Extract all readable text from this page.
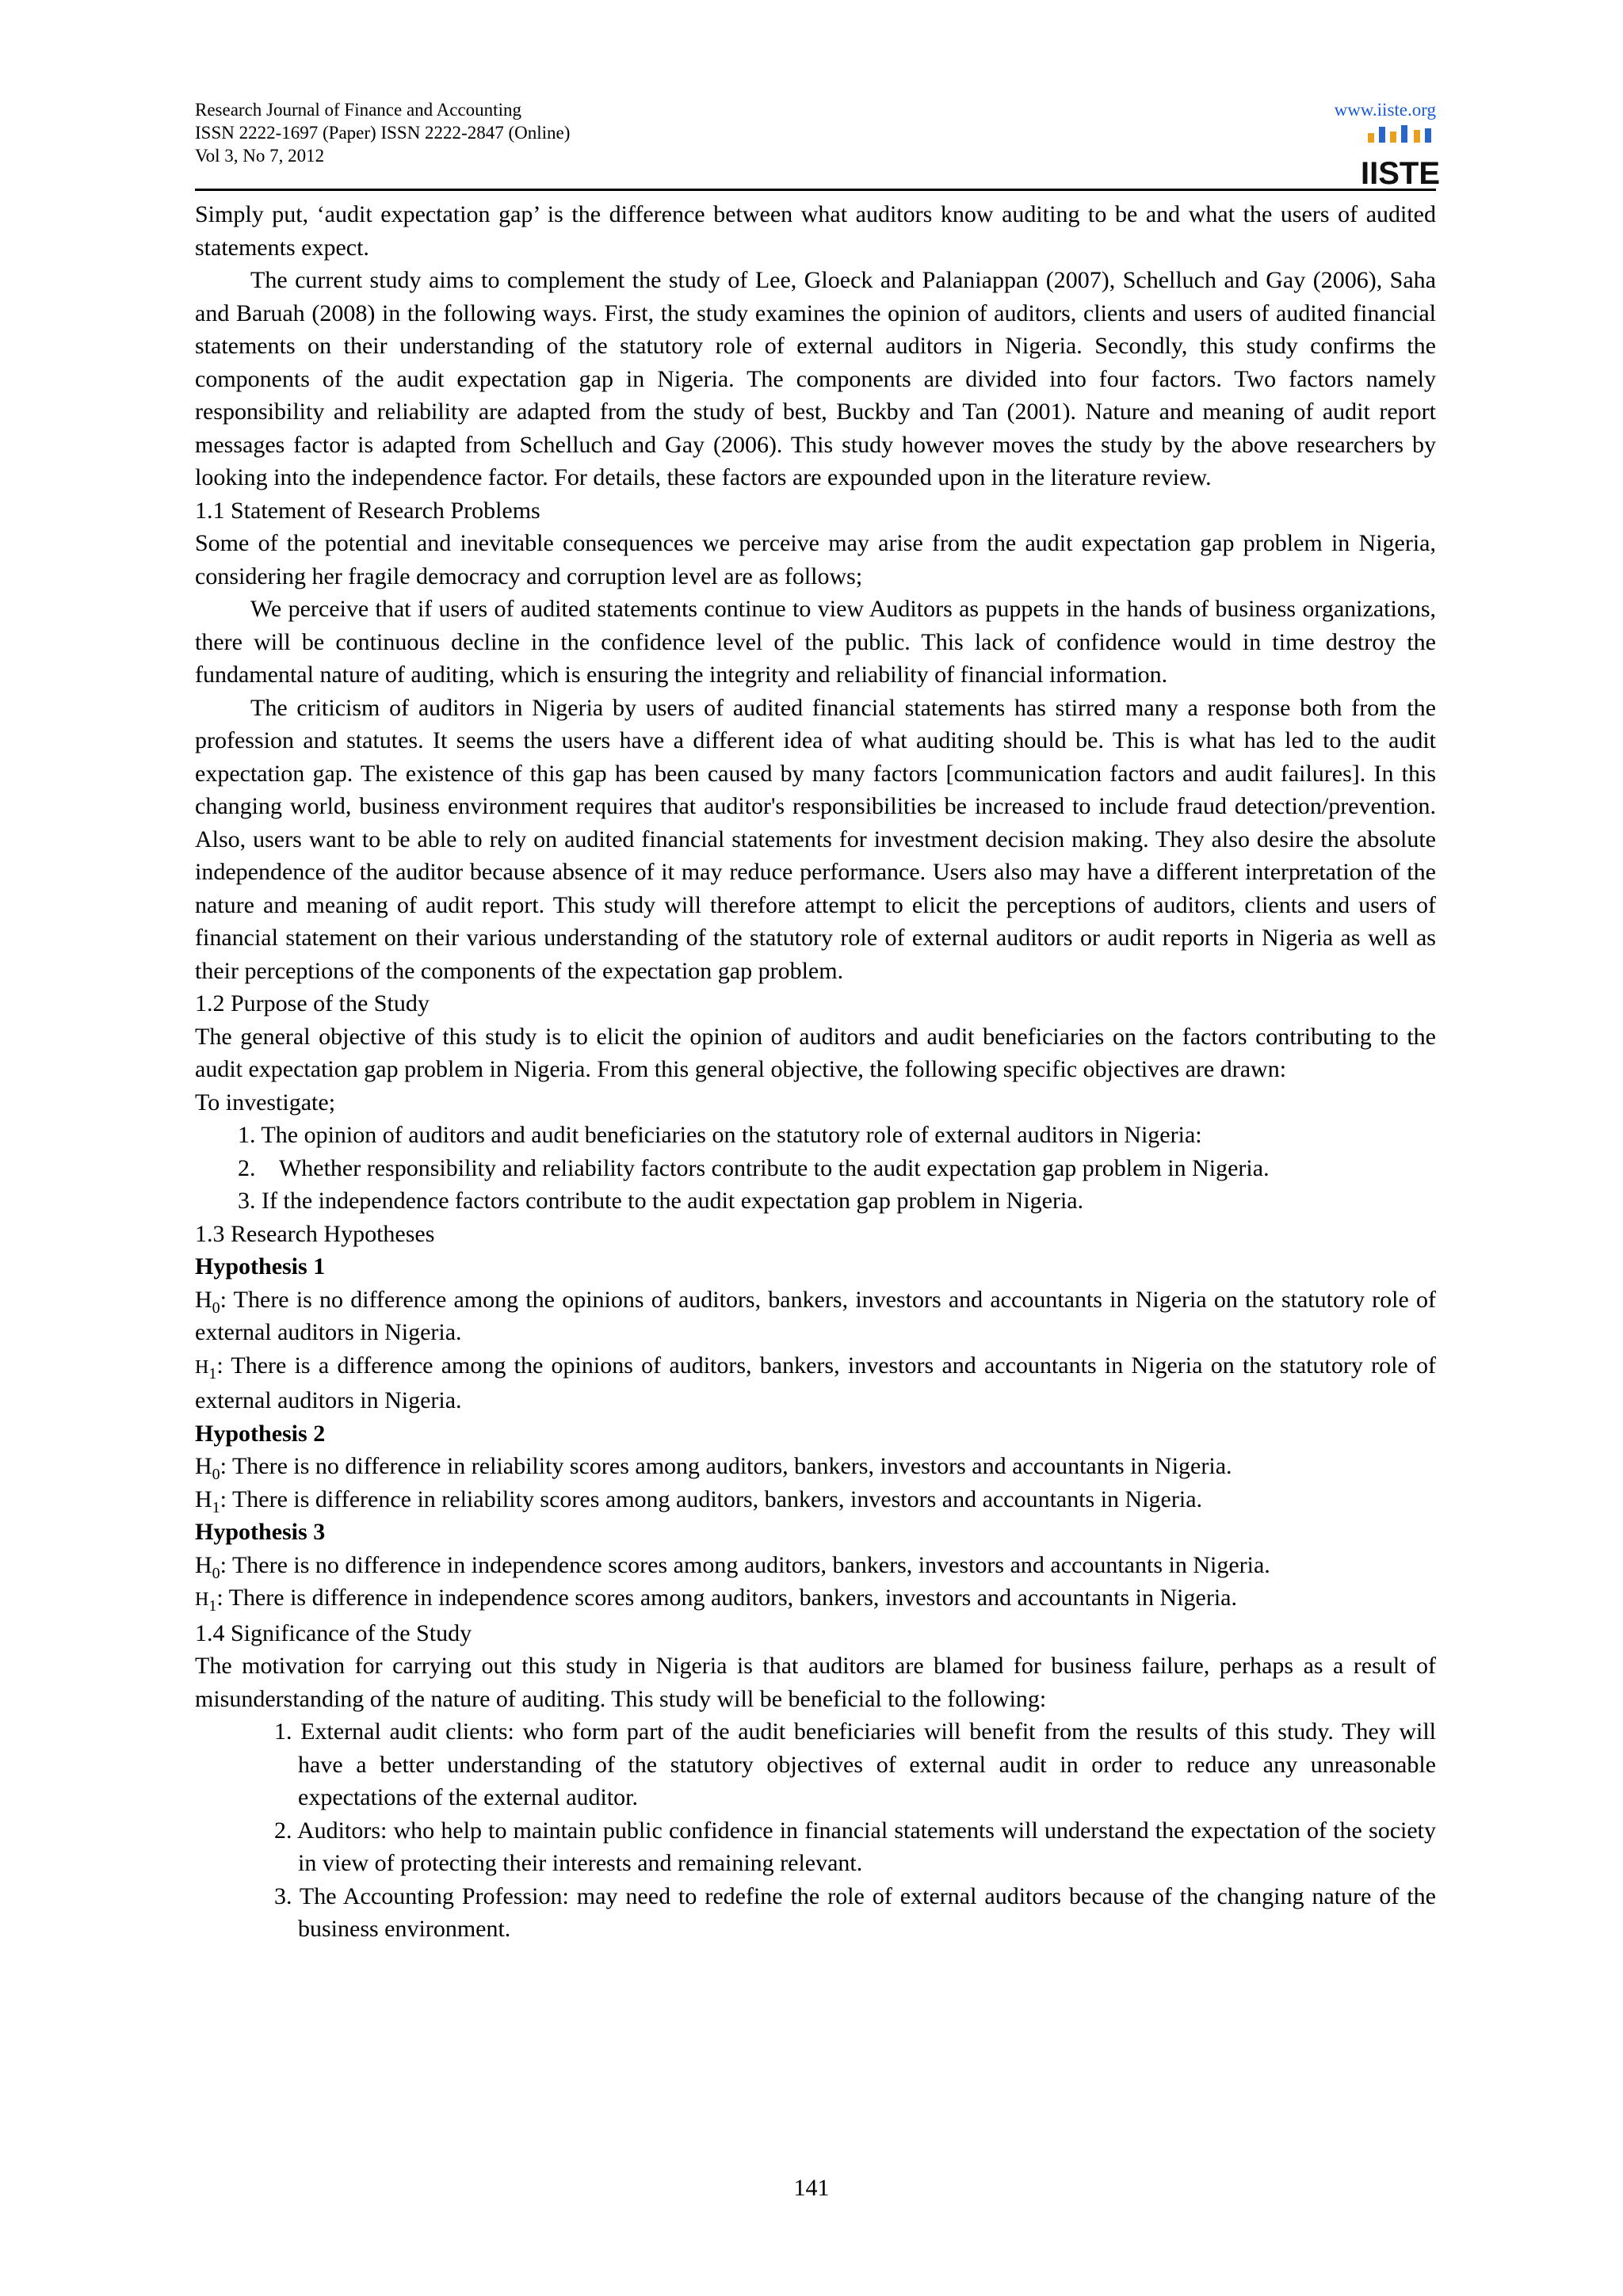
Research Journal of Finance and Accounting
ISSN 2222-1697 (Paper) ISSN 2222-2847 (Online)
Vol 3, No 7, 2012
www.iiste.org
IISTE

Simply put, ‘audit expectation gap’ is the difference between what auditors know auditing to be and what the users of audited statements expect.

The current study aims to complement the study of Lee, Gloeck and Palaniappan (2007), Schelluch and Gay (2006), Saha and Baruah (2008) in the following ways. First, the study examines the opinion of auditors, clients and users of audited financial statements on their understanding of the statutory role of external auditors in Nigeria. Secondly, this study confirms the components of the audit expectation gap in Nigeria. The components are divided into four factors. Two factors namely responsibility and reliability are adapted from the study of best, Buckby and Tan (2001). Nature and meaning of audit report messages factor is adapted from Schelluch and Gay (2006). This study however moves the study by the above researchers by looking into the independence factor. For details, these factors are expounded upon in the literature review.

1.1 Statement of Research Problems

Some of the potential and inevitable consequences we perceive may arise from the audit expectation gap problem in Nigeria, considering her fragile democracy and corruption level are as follows;

We perceive that if users of audited statements continue to view Auditors as puppets in the hands of business organizations, there will be continuous decline in the confidence level of the public. This lack of confidence would in time destroy the fundamental nature of auditing, which is ensuring the integrity and reliability of financial information.

The criticism of auditors in Nigeria by users of audited financial statements has stirred many a response both from the profession and statutes. It seems the users have a different idea of what auditing should be. This is what has led to the audit expectation gap. The existence of this gap has been caused by many factors [communication factors and audit failures]. In this changing world, business environment requires that auditor's responsibilities be increased to include fraud detection/prevention. Also, users want to be able to rely on audited financial statements for investment decision making. They also desire the absolute independence of the auditor because absence of it may reduce performance. Users also may have a different interpretation of the nature and meaning of audit report. This study will therefore attempt to elicit the perceptions of auditors, clients and users of financial statement on their various understanding of the statutory role of external auditors or audit reports in Nigeria as well as their perceptions of the components of the expectation gap problem.

1.2 Purpose of the Study

The general objective of this study is to elicit the opinion of auditors and audit beneficiaries on the factors contributing to the audit expectation gap problem in Nigeria. From this general objective, the following specific objectives are drawn:

To investigate;
1. The opinion of auditors and audit beneficiaries on the statutory role of external auditors in Nigeria:
2.    Whether responsibility and reliability factors contribute to the audit expectation gap problem in Nigeria.
3. If the independence factors contribute to the audit expectation gap problem in Nigeria.
1.3 Research Hypotheses
Hypothesis 1

$H_0$: There is no difference among the opinions of auditors, bankers, investors and accountants in Nigeria on the statutory role of external auditors in Nigeria.

$H_1$: There is a difference among the opinions of auditors, bankers, investors and accountants in Nigeria on the statutory role of external auditors in Nigeria.

Hypothesis 2

$H_0$: There is no difference in reliability scores among auditors, bankers, investors and accountants in Nigeria.

$H_1$: There is difference in reliability scores among auditors, bankers, investors and accountants in Nigeria.

Hypothesis 3

$H_0$: There is no difference in independence scores among auditors, bankers, investors and accountants in Nigeria.

$H_1$: There is difference in independence scores among auditors, bankers, investors and accountants in Nigeria.

1.4 Significance of the Study

The motivation for carrying out this study in Nigeria is that auditors are blamed for business failure, perhaps as a result of misunderstanding of the nature of auditing. This study will be beneficial to the following:

1. External audit clients: who form part of the audit beneficiaries will benefit from the results of this study. They will have a better understanding of the statutory objectives of external audit in order to reduce any unreasonable expectations of the external auditor.
2. Auditors: who help to maintain public confidence in financial statements will understand the expectation of the society in view of protecting their interests and remaining relevant.
3. The Accounting Profession: may need to redefine the role of external auditors because of the changing nature of the business environment.
141
